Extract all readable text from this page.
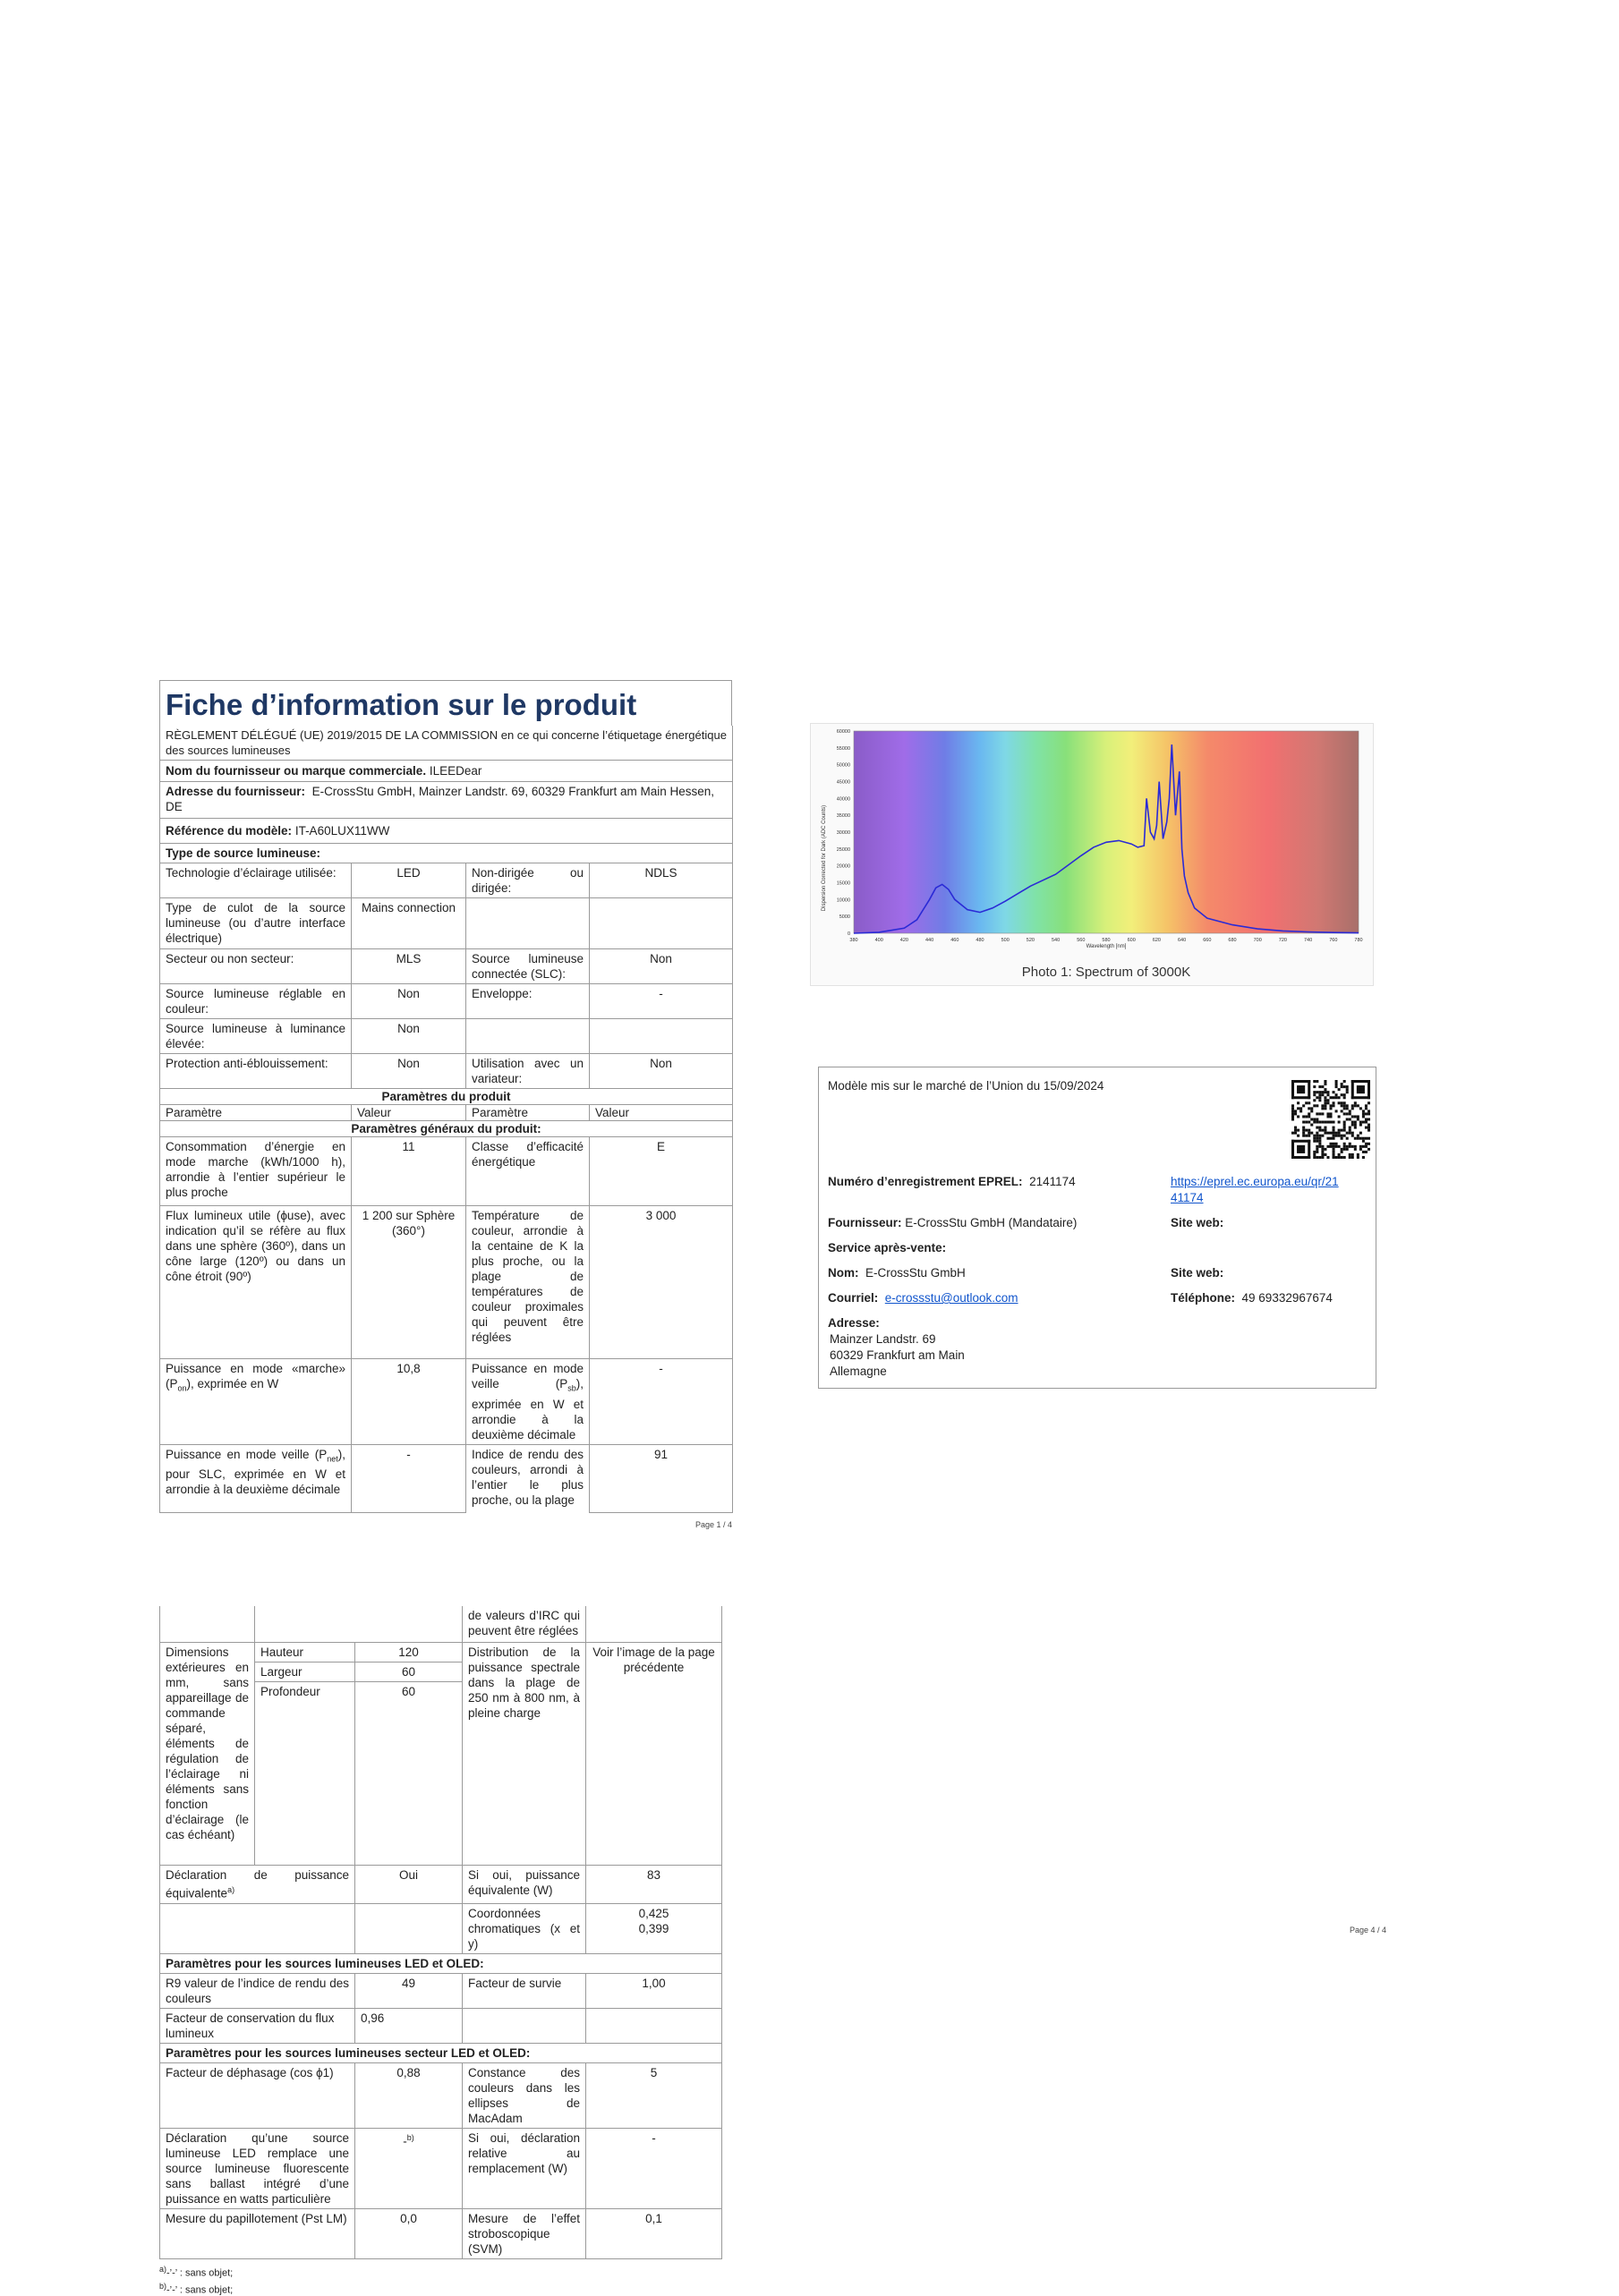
Fiche d’information sur le produit
RÈGLEMENT DÉLÉGUÉ (UE) 2019/2015 DE LA COMMISSION en ce qui concerne l’étiquetage énergétique des sources lumineuses			
Nom du fournisseur ou marque commerciale. ILEEDear			
Adresse du fournisseur: E-CrossStu GmbH, Mainzer Landstr. 69, 60329 Frankfurt am Main Hessen, DE			
Référence du modèle: IT-A60LUX11WW			
Type de source lumineuse:			
Technologie d’éclairage utilisée:	LED	Non-dirigée ou dirigée:	NDLS
Type de culot de la source lumineuse (ou d’autre interface électrique)	Mains connection		
Secteur ou non secteur:	MLS	Source lumineuse connectée (SLC):	Non
Source lumineuse réglable en couleur:	Non	Enveloppe:	-
Source lumineuse à luminance élevée:	Non		
Protection anti-éblouissement:	Non	Utilisation avec un variateur:	Non
Paramètres du produit			
Paramètre	Valeur	Paramètre	Valeur
Paramètres généraux du produit:			
Consommation d’énergie en mode marche (kWh/1000 h), arrondie à l’entier supérieur le plus proche	11	Classe d’efficacité énergétique	E
Flux lumineux utile (ϕuse), avec indication qu’il se réfère au flux dans une sphère (360º), dans un cône large (120º) ou dans un cône étroit (90º)	1 200 sur Sphère (360°)	Température de couleur, arrondie à la centaine de K la plus proche, ou la plage de températures de couleur proximales qui peuvent être réglées	3 000
Puissance en mode «marche» $(P_{on})$, exprimée en W	10,8	Puissance en mode veille $(P_{sb})$, exprimée en W et arrondie à la deuxième décimale	-
Puissance en mode veille $(P_{net})$, pour SLC, exprimée en W et arrondie à la deuxième décimale	-	Indice de rendu des couleurs, arrondi à l’entier le plus proche, ou la plage	91
Page 1 / 4
			de valeurs d’IRC qui peuvent être réglées	
Dimensions extérieures en mm, sans appareillage de commande séparé, éléments de régulation de l’éclairage ni éléments sans fonction d’éclairage (le cas échéant)	Hauteur	120	Distribution de la puissance spectrale dans la plage de 250 nm à 800 nm, à pleine charge	Voir l’image de la page précédente
	Largeur	60		
	Profondeur	60		
Déclaration de puissance équivalente$^{a)}$		Oui	Si oui, puissance équivalente (W)	83
			Coordonnées chromatiques (x et y)	0,425
0,399

Paramètres pour les sources lumineuses LED et OLED:				
R9 valeur de l’indice de rendu des couleurs		49	Facteur de survie	1,00
Facteur de conservation du flux lumineux		0,96		
Paramètres pour les sources lumineuses secteur LED et OLED:				
Facteur de déphasage (cos ϕ1)		0,88	Constance des couleurs dans les ellipses de MacAdam	5
Déclaration qu’une source lumineuse LED remplace une source lumineuse fluorescente sans ballast intégré d’une puissance en watts particulière		-$^{b)}$	Si oui, déclaration relative au remplacement (W)	-
Mesure du papillotement (Pst LM)		0,0	Mesure de l’effet stroboscopique (SVM)	0,1
$^{a)}$-’-’ : sans objet;
$^{b)}$-’-’ : sans objet;
60000
55000
50000
45000
40000
35000
30000
25000
20000
15000
10000
5000
0
380	400	420	440	460	480	500	520	540	560	580	600	620	640	660	680	700	720	740	760	780
Dispersion Corrected for Dark (ADC Counts)
Wavelength [nm]
Photo 1: Spectrum of 3000K
Modèle mis sur le marché de l’Union du 15/09/2024
Numéro d’enregistrement EPREL: 2141174	https://eprel.ec.europa.eu/qr/21
41174
Fournisseur: E-CrossStu GmbH (Mandataire)	Site web:
Service après-vente:
Nom: E-CrossStu GmbH	Site web:
Courriel: e-crossstu@outlook.com	Téléphone: 49 69332967674
Adresse:
Mainzer Landstr. 69
60329 Frankfurt am Main
Allemagne
Page 4 / 4
